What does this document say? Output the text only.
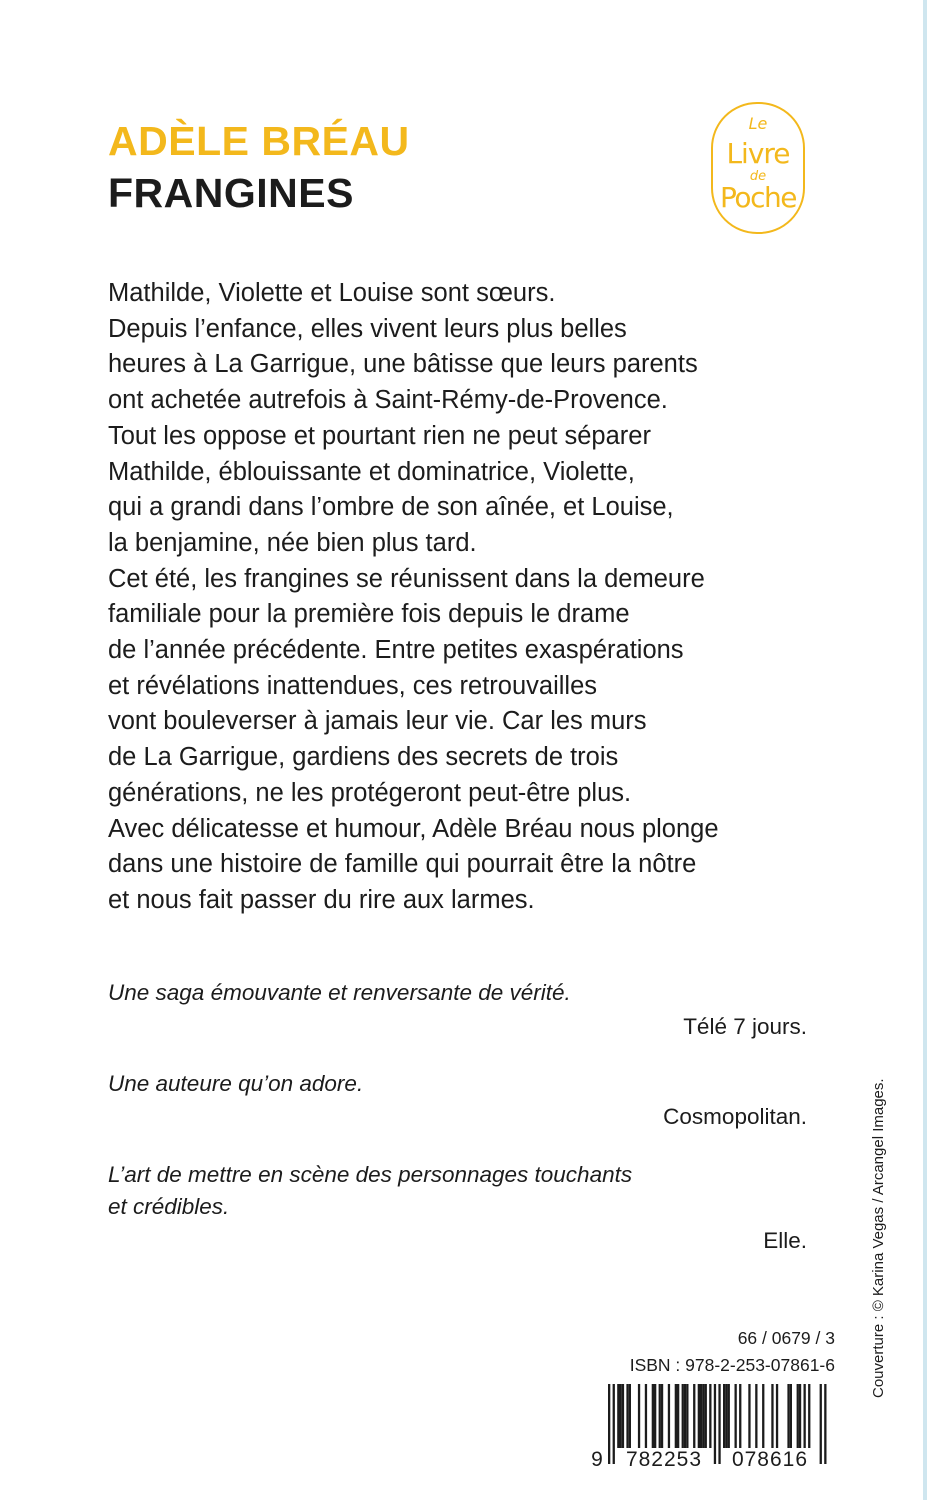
ADÈLE BRÉAU
FRANGINES
Le
Livre
de
Poche

Mathilde, Violette et Louise sont sœurs.
Depuis l’enfance, elles vivent leurs plus belles
heures à La Garrigue, une bâtisse que leurs parents
ont achetée autrefois à Saint-Rémy-de-Provence.
Tout les oppose et pourtant rien ne peut séparer
Mathilde, éblouissante et dominatrice, Violette,
qui a grandi dans l’ombre de son aînée, et Louise,
la benjamine, née bien plus tard.
Cet été, les frangines se réunissent dans la demeure
familiale pour la première fois depuis le drame
de l’année précédente. Entre petites exaspérations
et révélations inattendues, ces retrouvailles
vont bouleverser à jamais leur vie. Car les murs
de La Garrigue, gardiens des secrets de trois
générations, ne les protégeront peut-être plus.
Avec délicatesse et humour, Adèle Bréau nous plonge
dans une histoire de famille qui pourrait être la nôtre
et nous fait passer du rire aux larmes.

Une saga émouvante et renversante de vérité.

Télé 7 jours.

Une auteure qu’on adore.

Cosmopolitan.

L’art de mettre en scène des personnages touchants

et crédibles.

Elle.	Couverture : © Karina Vegas / Arcangel Images.

66 / 0679 / 3

ISBN : 978-2-253-07861-6

9 782253 078616
